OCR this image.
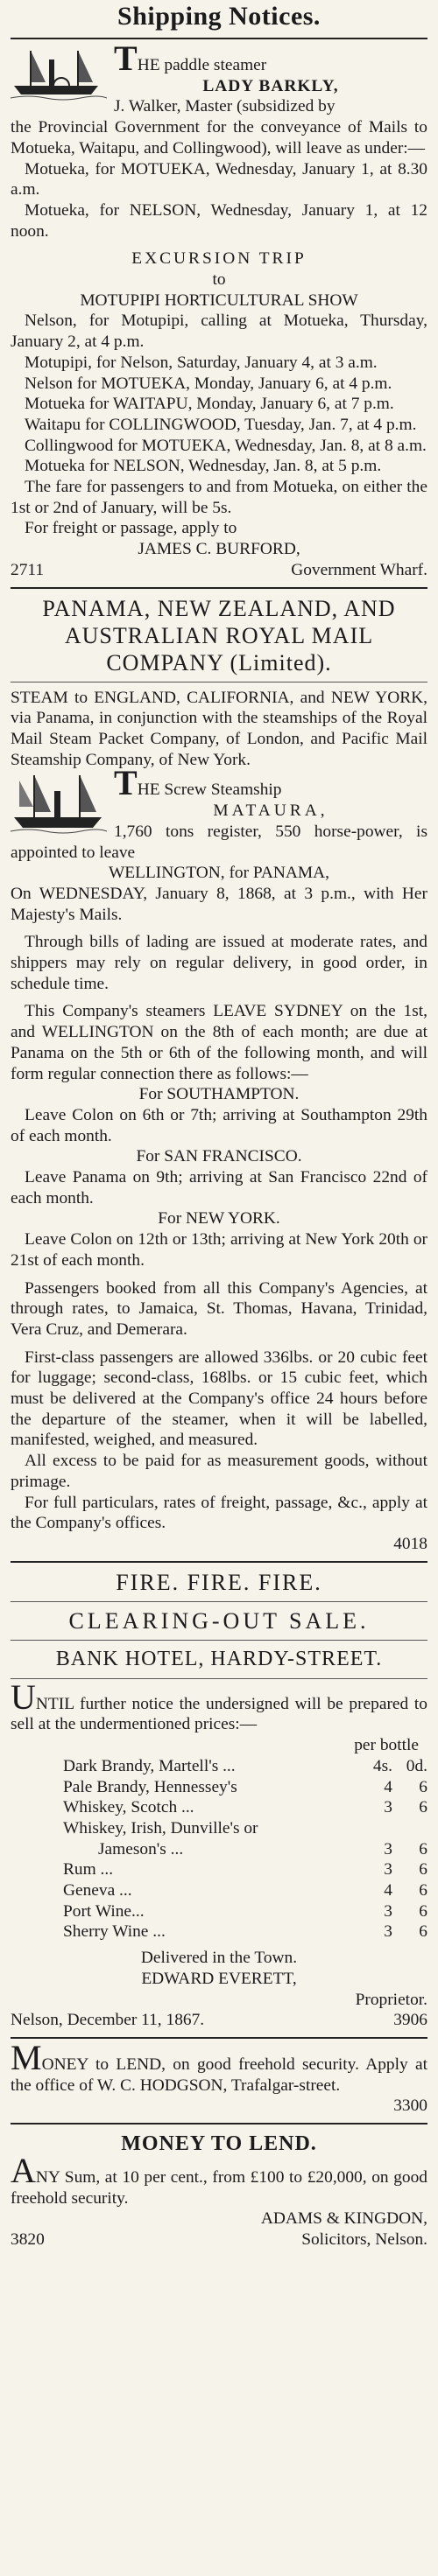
Shipping Notices.

THE paddle steamer

LADY BARKLY,

J. Walker, Master (subsidized by

the Provincial Government for the conveyance of Mails to Motueka, Waitapu, and Collingwood), will leave as under:—

Motueka, for MOTUEKA, Wednesday, January 1, at 8.30 a.m.

Motueka, for NELSON, Wednesday, January 1, at 12 noon.

EXCURSION TRIP

to

MOTUPIPI HORTICULTURAL SHOW

Nelson, for Motupipi, calling at Motueka, Thursday, January 2, at 4 p.m.

Motupipi, for Nelson, Saturday, January 4, at 3 a.m.

Nelson for MOTUEKA, Monday, January 6, at 4 p.m.

Motueka for WAITAPU, Monday, January 6, at 7 p.m.

Waitapu for COLLINGWOOD, Tuesday, Jan. 7, at 4 p.m.

Collingwood for MOTUEKA, Wednesday, Jan. 8, at 8 a.m.

Motueka for NELSON, Wednesday, Jan. 8, at 5 p.m.

The fare for passengers to and from Motueka, on either the 1st or 2nd of January, will be 5s.

For freight or passage, apply to

JAMES C. BURFORD,

2711	Government Wharf.
PANAMA, NEW ZEALAND, AND AUSTRALIAN ROYAL MAIL COMPANY (Limited).

STEAM to ENGLAND, CALIFORNIA, and NEW YORK, via Panama, in conjunction with the steamships of the Royal Mail Steam Packet Company, of London, and Pacific Mail Steamship Company, of New York.

THE Screw Steamship

MATAURA,

1,760 tons register, 550 horse-power, is appointed to leave

WELLINGTON, for PANAMA,

On WEDNESDAY, January 8, 1868, at 3 p.m., with Her Majesty's Mails.

Through bills of lading are issued at moderate rates, and shippers may rely on regular delivery, in good order, in schedule time.

This Company's steamers LEAVE SYDNEY on the 1st, and WELLINGTON on the 8th of each month; are due at Panama on the 5th or 6th of the following month, and will form regular connection there as follows:—

For SOUTHAMPTON.

Leave Colon on 6th or 7th; arriving at Southampton 29th of each month.

For SAN FRANCISCO.

Leave Panama on 9th; arriving at San Francisco 22nd of each month.

For NEW YORK.

Leave Colon on 12th or 13th; arriving at New York 20th or 21st of each month.

Passengers booked from all this Company's Agencies, at through rates, to Jamaica, St. Thomas, Havana, Trinidad, Vera Cruz, and Demerara.

First-class passengers are allowed 336lbs. or 20 cubic feet for luggage; second-class, 168lbs. or 15 cubic feet, which must be delivered at the Company's office 24 hours before the departure of the steamer, when it will be labelled, manifested, weighed, and measured.

All excess to be paid for as measurement goods, without primage.

For full particulars, rates of freight, passage, &c., apply at the Company's offices.

4018

FIRE. FIRE. FIRE.
CLEARING-OUT SALE.
BANK HOTEL, HARDY-STREET.

UNTIL further notice the undersigned will be prepared to sell at the undermentioned prices:—

per bottle

Dark Brandy, Martell's ...	4s. 0d.
Pale Brandy, Hennessey's	4	6
Whiskey, Scotch ...	3	6
Whiskey, Irish, Dunville's or
Jameson's ...	3	6
Rum ...	3	6
Geneva ...	4	6
Port Wine...	3	6
Sherry Wine ...	3	6

Delivered in the Town.

EDWARD EVERETT,

Proprietor.

Nelson, December 11, 1867.	3906

MONEY to LEND, on good freehold security. Apply at the office of W. C. HODGSON, Trafalgar-street.

3300

MONEY TO LEND.

ANY Sum, at 10 per cent., from £100 to £20,000, on good freehold security.

ADAMS & KINGDON,

3820	Solicitors, Nelson.
